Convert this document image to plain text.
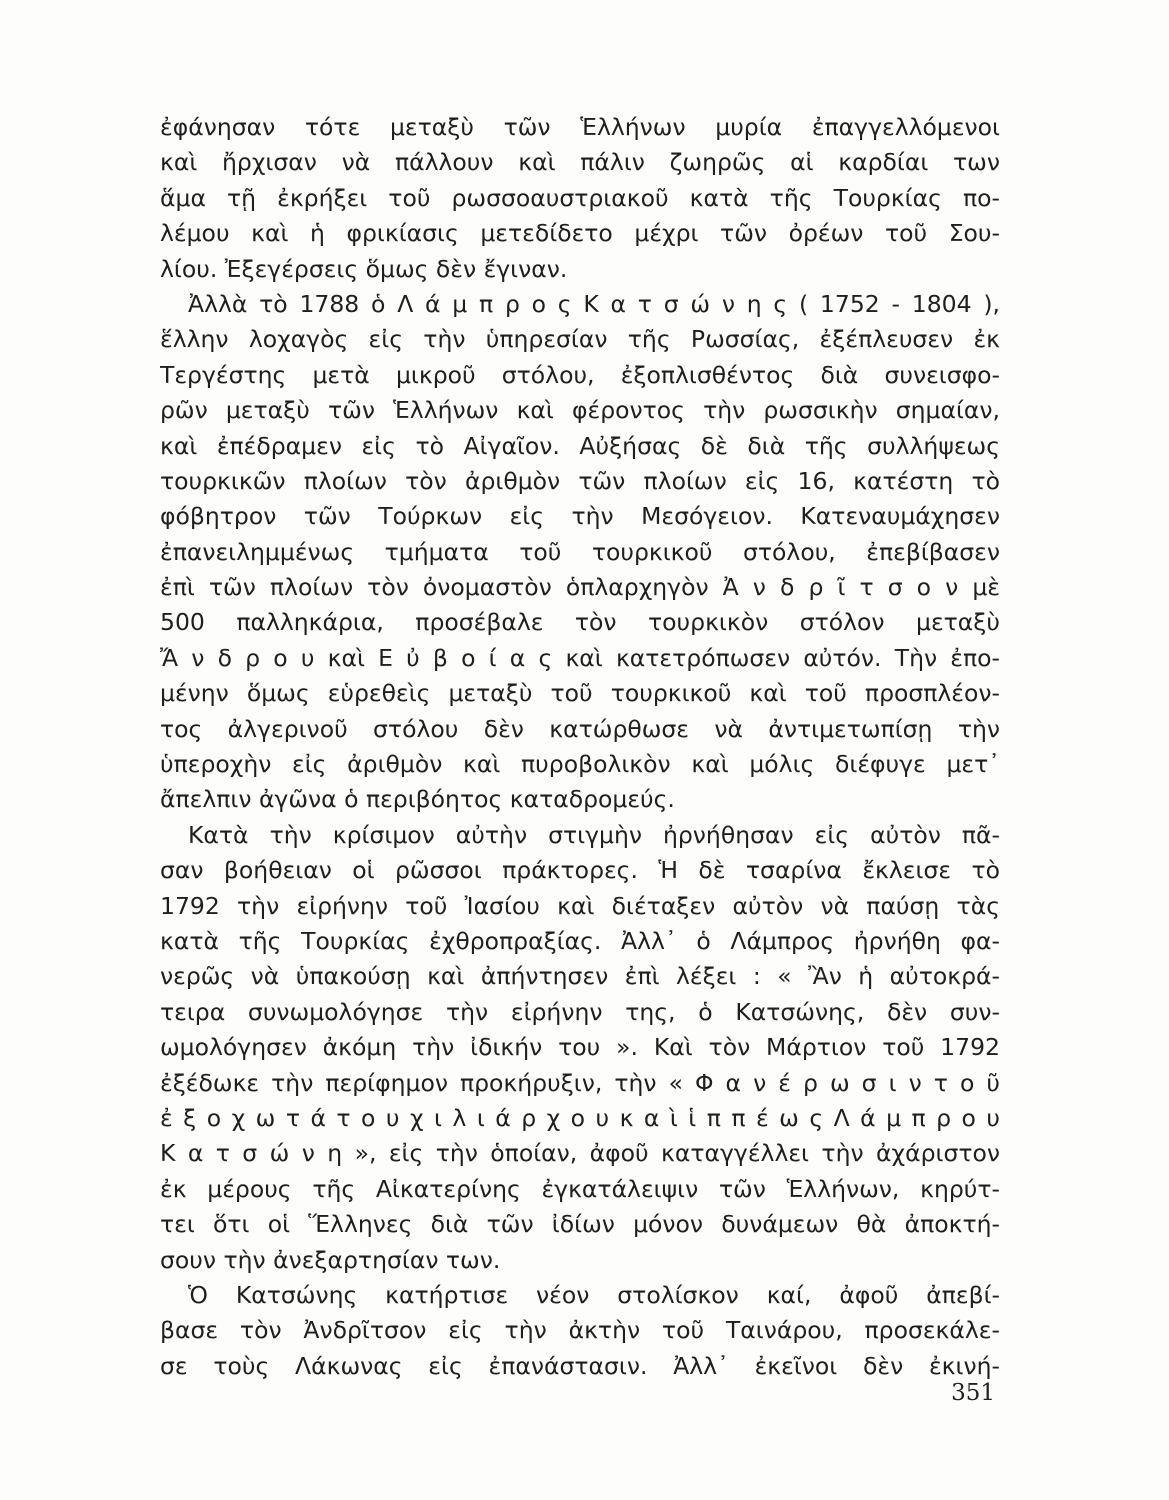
ἐφάνησαν τότε μεταξὺ τῶν Ἑλλήνων μυρία ἐπαγγελλόμενοι
καὶ ἤρχισαν νὰ πάλλουν καὶ πάλιν ζωηρῶς αἱ καρδίαι των
ἅμα τῇ ἐκρήξει τοῦ ρωσσοαυστριακοῦ κατὰ τῆς Τουρκίας πο-
λέμου καὶ ἡ φρικίασις μετεδίδετο μέχρι τῶν ὀρέων τοῦ Σου-
λίου. Ἐξεγέρσεις ὅμως δὲν ἔγιναν.
Ἀλλὰ τὸ 1788 ὁ Λ ά μ π ρ ο ς Κ α τ σ ώ ν η ς ( 1752 - 1804 ),
ἕλλην λοχαγὸς εἰς τὴν ὑπηρεσίαν τῆς Ρωσσίας, ἐξέπλευσεν ἐκ
Τεργέστης μετὰ μικροῦ στόλου, ἐξοπλισθέντος διὰ συνεισφο-
ρῶν μεταξὺ τῶν Ἑλλήνων καὶ φέροντος τὴν ρωσσικὴν σημαίαν,
καὶ ἐπέδραμεν εἰς τὸ Αἰγαῖον. Αὐξήσας δὲ διὰ τῆς συλλήψεως
τουρκικῶν πλοίων τὸν ἀριθμὸν τῶν πλοίων εἰς 16, κατέστη τὸ
φόβητρον τῶν Τούρκων εἰς τὴν Μεσόγειον. Κατεναυμάχησεν
ἐπανειλημμένως τμήματα τοῦ τουρκικοῦ στόλου, ἐπεβίβασεν
ἐπὶ τῶν πλοίων τὸν ὀνομαστὸν ὁπλαρχηγὸν Ἀ ν δ ρ ῖ τ σ ο ν μὲ
500 παλληκάρια, προσέβαλε τὸν τουρκικὸν στόλον μεταξὺ
Ἄ ν δ ρ ο υ καὶ Ε ὐ β ο ί α ς καὶ κατετρόπωσεν αὐτόν. Τὴν ἐπο-
μένην ὅμως εὑρεθεὶς μεταξὺ τοῦ τουρκικοῦ καὶ τοῦ προσπλέον-
τος ἀλγερινοῦ στόλου δὲν κατώρθωσε νὰ ἀντιμετωπίσῃ τὴν
ὑπεροχὴν εἰς ἀριθμὸν καὶ πυροβολικὸν καὶ μόλις διέφυγε μετ᾽
ἄπελπιν ἀγῶνα ὁ περιβόητος καταδρομεύς.
Κατὰ τὴν κρίσιμον αὐτὴν στιγμὴν ἠρνήθησαν εἰς αὐτὸν πᾶ-
σαν βοήθειαν οἱ ρῶσσοι πράκτορες. Ἡ δὲ τσαρίνα ἔκλεισε τὸ
1792 τὴν εἰρήνην τοῦ Ἰασίου καὶ διέταξεν αὐτὸν νὰ παύσῃ τὰς
κατὰ τῆς Τουρκίας ἐχθροπραξίας. Ἀλλ᾽ ὁ Λάμπρος ἠρνήθη φα-
νερῶς νὰ ὑπακούσῃ καὶ ἀπήντησεν ἐπὶ λέξει : « Ἂν ἡ αὐτοκρά-
τειρα συνωμολόγησε τὴν εἰρήνην της, ὁ Κατσώνης, δὲν συν-
ωμολόγησεν ἀκόμη τὴν ἰδικήν του ». Καὶ τὸν Μάρτιον τοῦ 1792
ἐξέδωκε τὴν περίφημον προκήρυξιν, τὴν « Φ α ν έ ρ ω σ ι ν τ ο ῦ
ἐ ξ ο χ ω τ ά τ ο υ χ ι λ ι ά ρ χ ο υ κ α ὶ ἱ π π έ ω ς Λ ά μ π ρ ο υ
Κ α τ σ ώ ν η », εἰς τὴν ὁποίαν, ἀφοῦ καταγγέλλει τὴν ἀχάριστον
ἐκ μέρους τῆς Αἰκατερίνης ἐγκατάλειψιν τῶν Ἑλλήνων, κηρύτ-
τει ὅτι οἱ Ἕλληνες διὰ τῶν ἰδίων μόνον δυνάμεων θὰ ἀποκτή-
σουν τὴν ἀνεξαρτησίαν των.
Ὁ Κατσώνης κατήρτισε νέον στολίσκον καί, ἀφοῦ ἀπεβί-
βασε τὸν Ἀνδρῖτσον εἰς τὴν ἀκτὴν τοῦ Ταινάρου, προσεκάλε-
σε τοὺς Λάκωνας εἰς ἐπανάστασιν. Ἀλλ᾽ ἐκεῖνοι δὲν ἐκινή-
351
